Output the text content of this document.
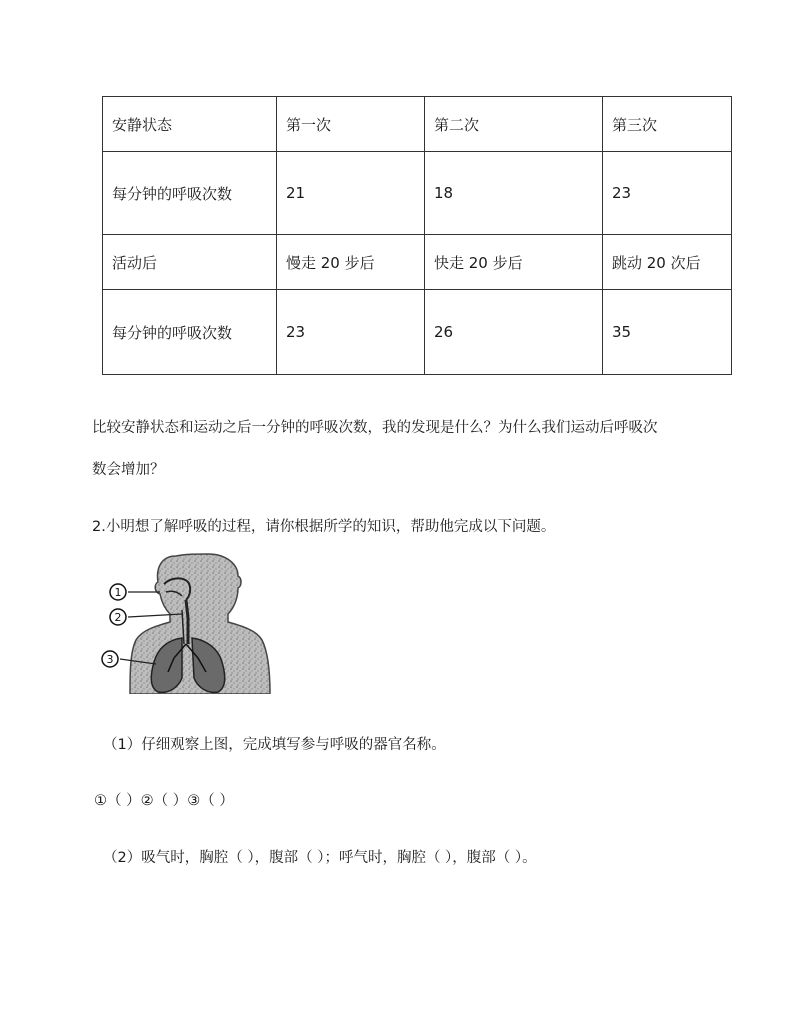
安静状态	第一次	第二次	第三次
每分钟的呼吸次数	21	18	23
活动后	慢走 20 步后	快走 20 步后	跳动 20 次后
每分钟的呼吸次数	23	26	35
比较安静状态和运动之后一分钟的呼吸次数，我的发现是什么？为什么我们运动后呼吸次
数会增加？
2.小明想了解呼吸的过程，请你根据所学的知识，帮助他完成以下问题。
1
2
3
（1）仔细观察上图，完成填写参与呼吸的器官名称。
①（ ）②（ ）③（ ）
（2）吸气时，胸腔（ ），腹部（ ）；呼气时，胸腔（ ），腹部（ ）。
